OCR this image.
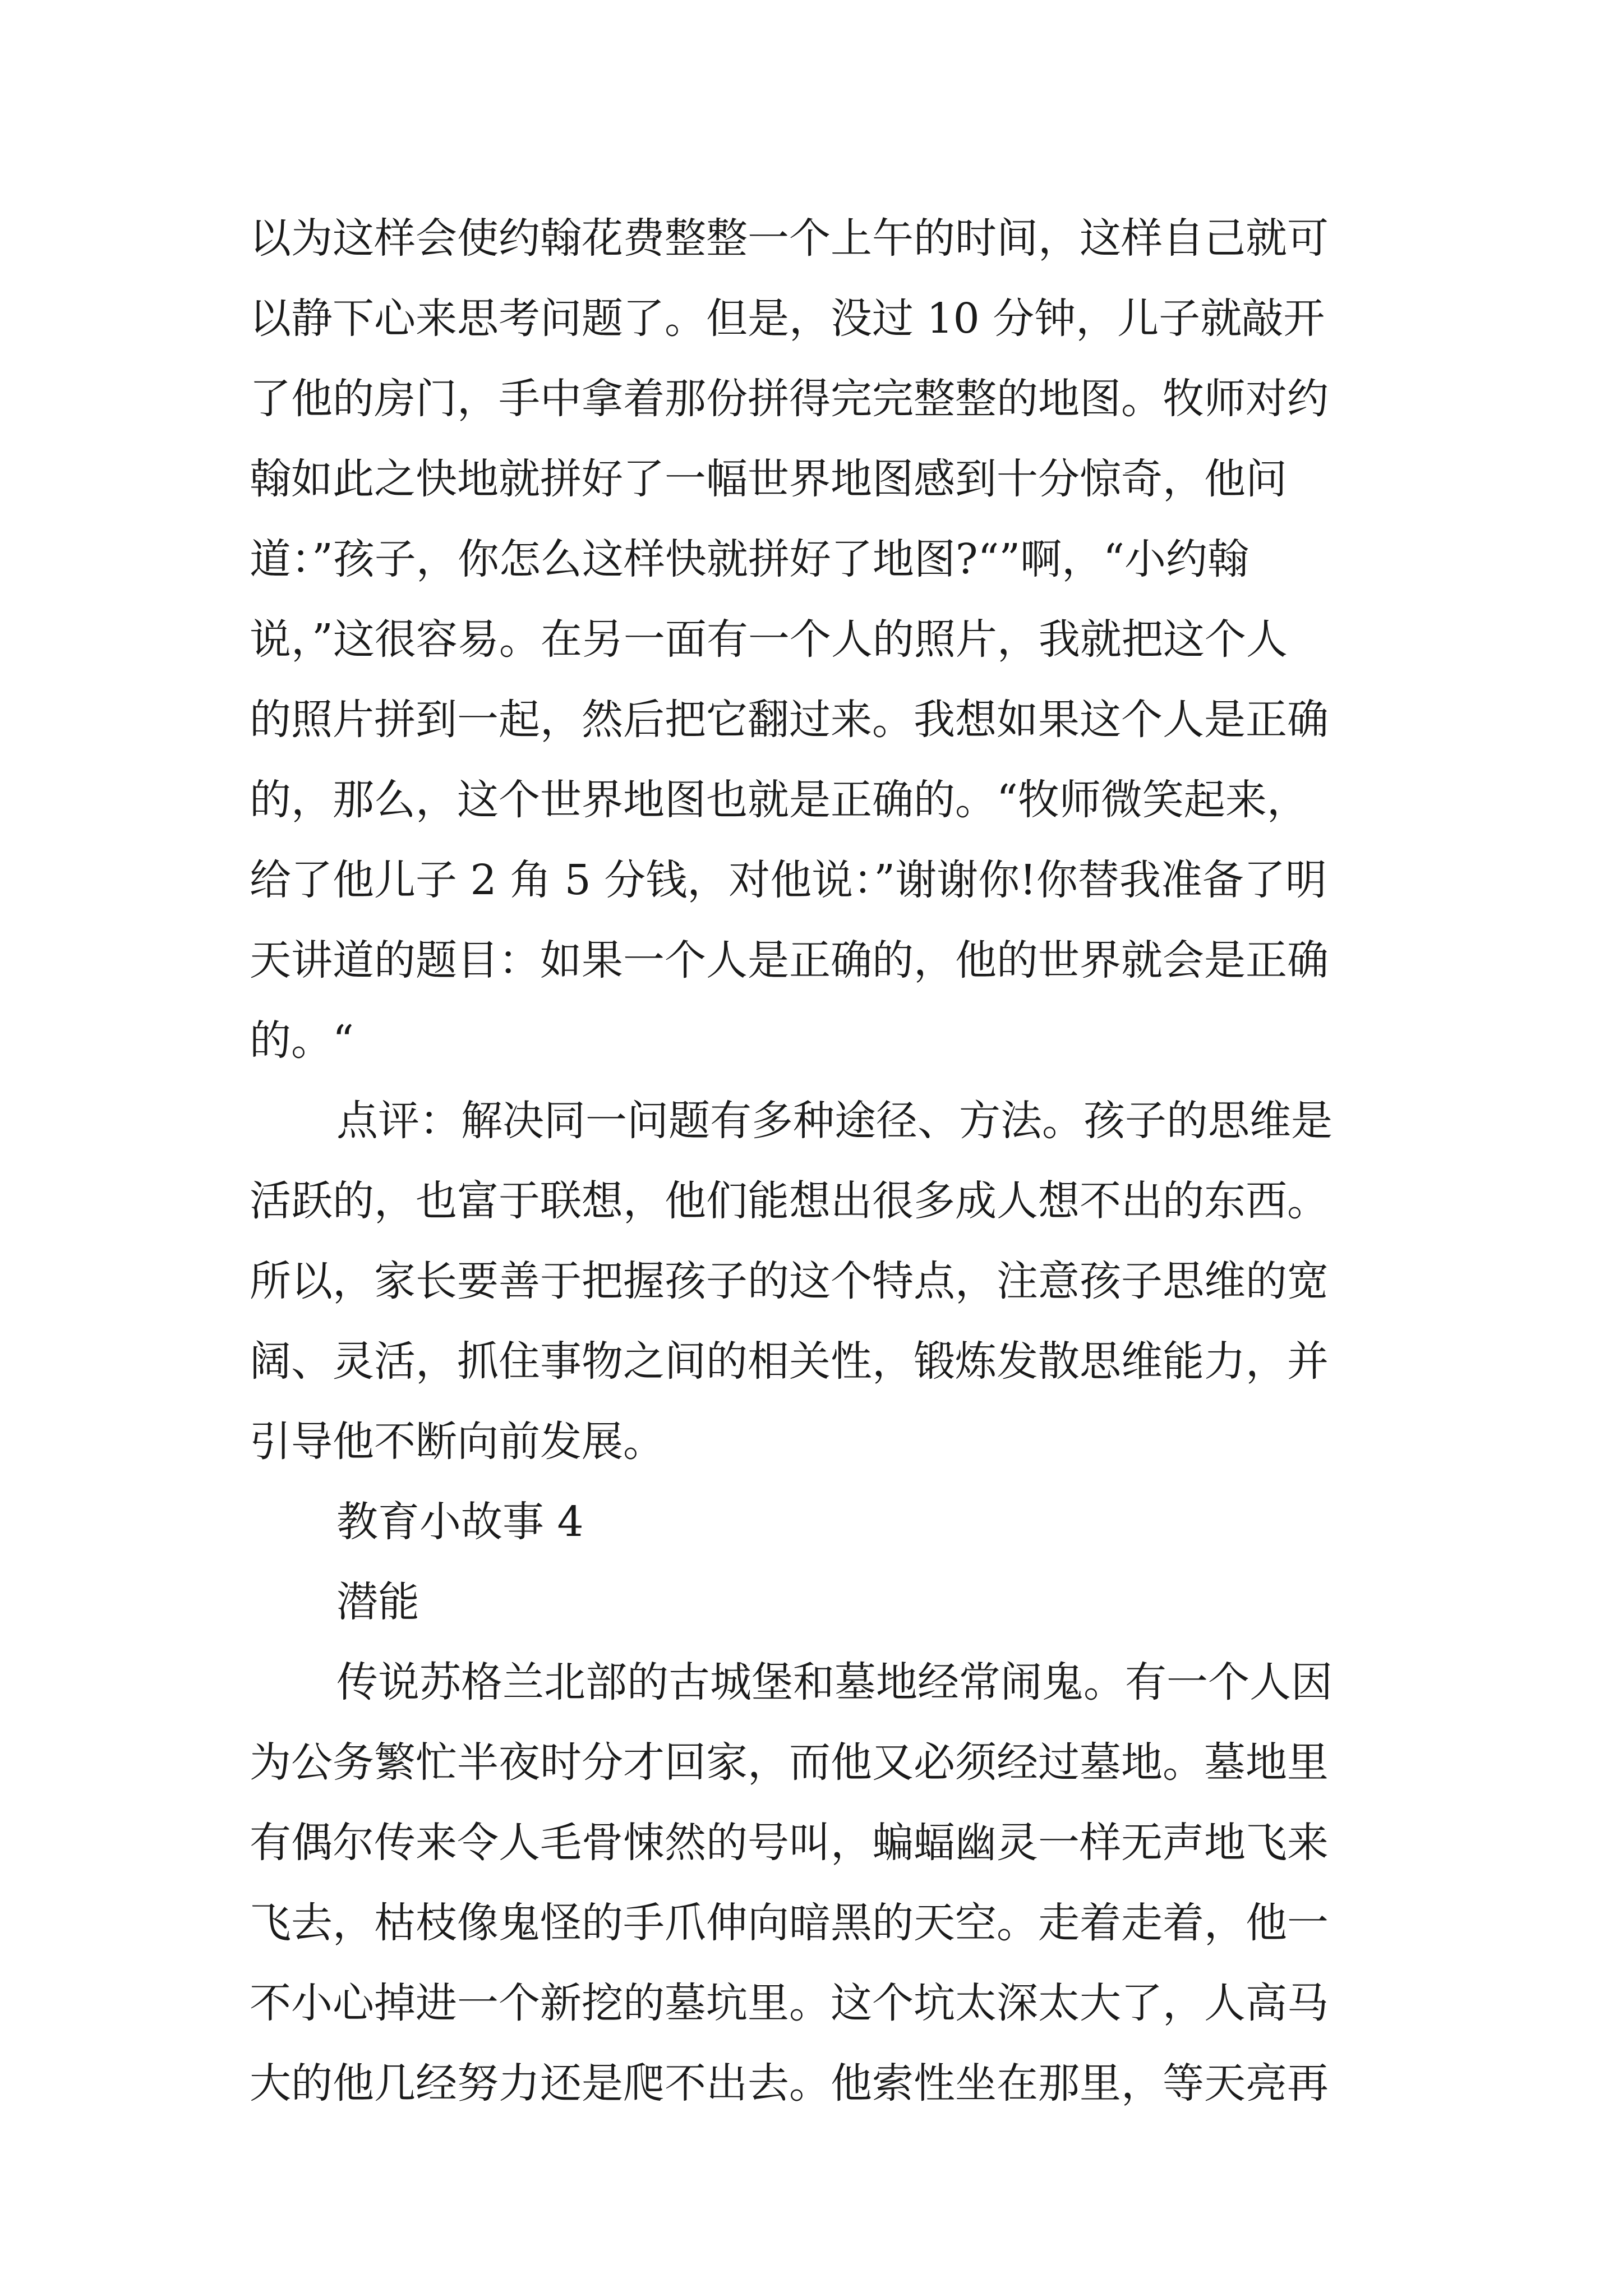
以为这样会使约翰花费整整一个上午的时间，这样自己就可
以静下心来思考问题了。但是，没过 10 分钟，儿子就敲开
了他的房门，手中拿着那份拼得完完整整的地图。牧师对约
翰如此之快地就拼好了一幅世界地图感到十分惊奇，他问
道：”孩子，你怎么这样快就拼好了地图?“”啊，“小约翰
说，”这很容易。在另一面有一个人的照片，我就把这个人
的照片拼到一起，然后把它翻过来。我想如果这个人是正确
的，那么，这个世界地图也就是正确的。“牧师微笑起来，
给了他儿子 2 角 5 分钱，对他说：”谢谢你!你替我准备了明
天讲道的题目：如果一个人是正确的，他的世界就会是正确
的。“
点评：解决同一问题有多种途径、方法。孩子的思维是
活跃的，也富于联想，他们能想出很多成人想不出的东西。
所以，家长要善于把握孩子的这个特点，注意孩子思维的宽
阔、灵活，抓住事物之间的相关性，锻炼发散思维能力，并
引导他不断向前发展。
教育小故事 4
潜能
传说苏格兰北部的古城堡和墓地经常闹鬼。有一个人因
为公务繁忙半夜时分才回家，而他又必须经过墓地。墓地里
有偶尔传来令人毛骨悚然的号叫，蝙蝠幽灵一样无声地飞来
飞去，枯枝像鬼怪的手爪伸向暗黑的天空。走着走着，他一
不小心掉进一个新挖的墓坑里。这个坑太深太大了，人高马
大的他几经努力还是爬不出去。他索性坐在那里，等天亮再
